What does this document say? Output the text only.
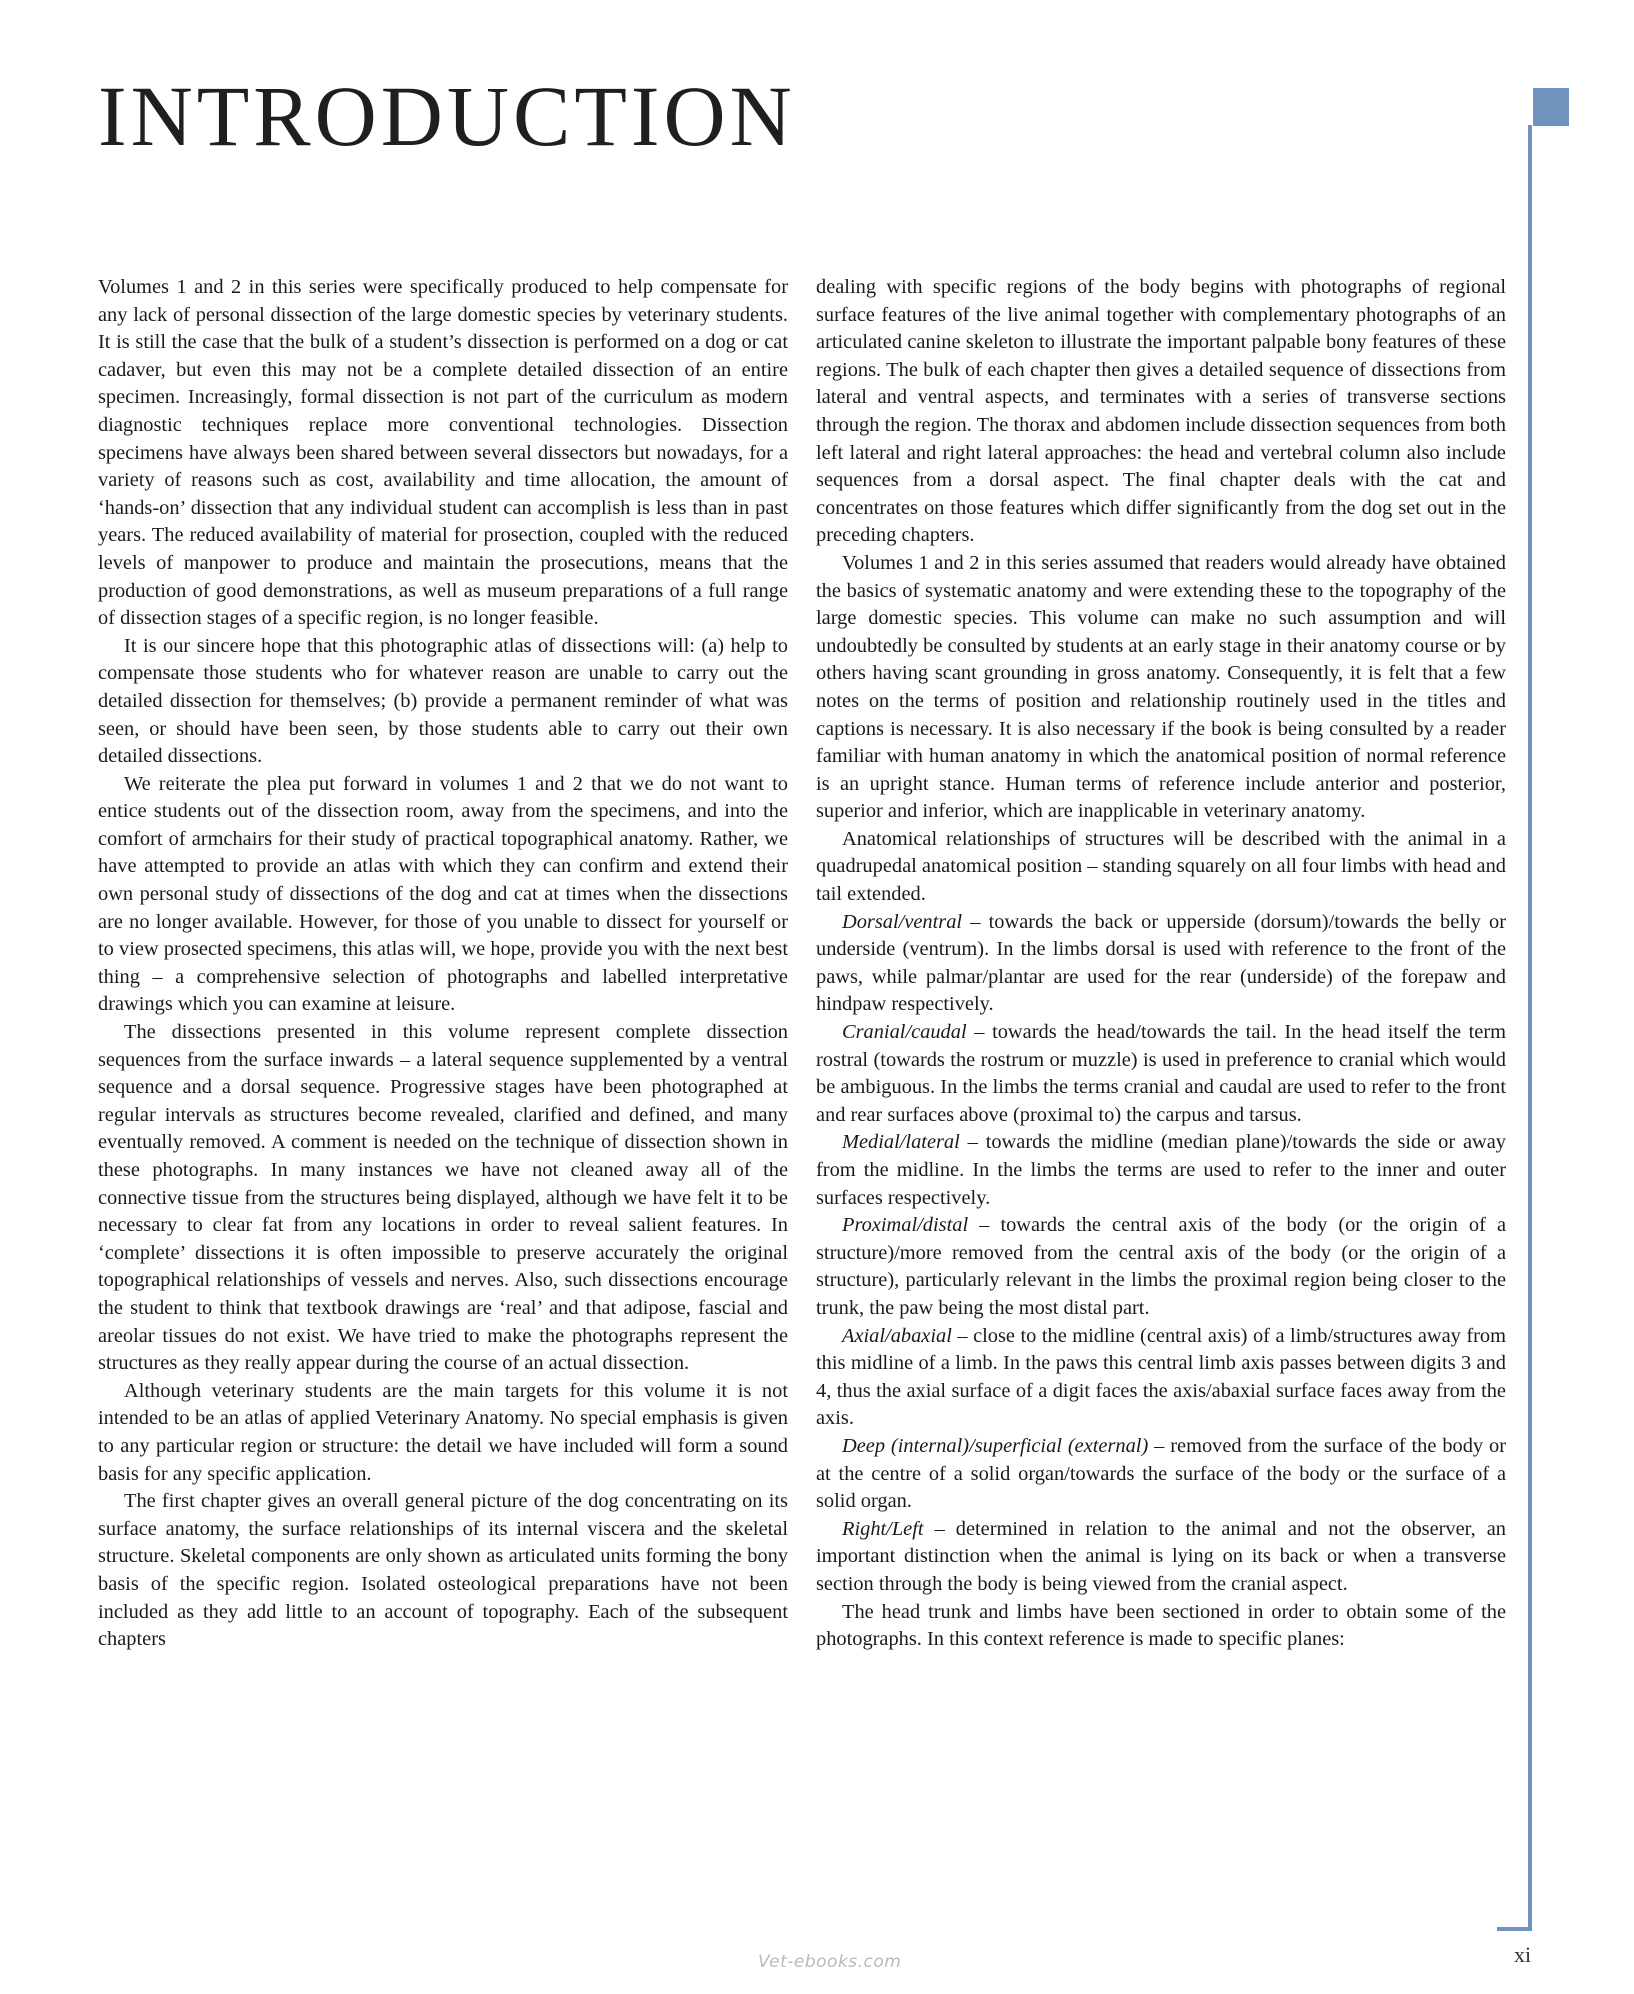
INTRODUCTION

Volumes 1 and 2 in this series were specifically produced to help compensate for any lack of personal dissection of the large domestic species by veterinary students. It is still the case that the bulk of a student’s dissection is performed on a dog or cat cadaver, but even this may not be a complete detailed dissection of an entire specimen. Increasingly, formal dissection is not part of the curriculum as modern diagnostic techniques replace more conventional technologies. Dissection specimens have always been shared between several dissectors but nowadays, for a variety of reasons such as cost, availability and time allocation, the amount of ‘hands-on’ dissection that any individual student can accomplish is less than in past years. The reduced availability of material for prosection, coupled with the reduced levels of manpower to produce and maintain the prosecutions, means that the production of good demonstrations, as well as museum preparations of a full range of dissection stages of a specific region, is no longer feasible.

It is our sincere hope that this photographic atlas of dissections will: (a) help to compensate those students who for whatever reason are unable to carry out the detailed dissection for themselves; (b) provide a permanent reminder of what was seen, or should have been seen, by those students able to carry out their own detailed dissections.

We reiterate the plea put forward in volumes 1 and 2 that we do not want to entice students out of the dissection room, away from the specimens, and into the comfort of armchairs for their study of practical topographical anatomy. Rather, we have attempted to provide an atlas with which they can confirm and extend their own personal study of dissections of the dog and cat at times when the dissections are no longer available. However, for those of you unable to dissect for yourself or to view prosected specimens, this atlas will, we hope, provide you with the next best thing – a comprehensive selection of photographs and labelled interpretative drawings which you can examine at leisure.

The dissections presented in this volume represent complete dissection sequences from the surface inwards – a lateral sequence supplemented by a ventral sequence and a dorsal sequence. Progressive stages have been photographed at regular intervals as structures become revealed, clarified and defined, and many eventually removed. A comment is needed on the technique of dissection shown in these photographs. In many instances we have not cleaned away all of the connective tissue from the structures being displayed, although we have felt it to be necessary to clear fat from any locations in order to reveal salient features. In ‘complete’ dissections it is often impossible to preserve accurately the original topographical relationships of vessels and nerves. Also, such dissections encourage the student to think that textbook drawings are ‘real’ and that adipose, fascial and areolar tissues do not exist. We have tried to make the photographs represent the structures as they really appear during the course of an actual dissection.

Although veterinary students are the main targets for this volume it is not intended to be an atlas of applied Veterinary Anatomy. No special emphasis is given to any particular region or structure: the detail we have included will form a sound basis for any specific application.

The first chapter gives an overall general picture of the dog concentrating on its surface anatomy, the surface relationships of its internal viscera and the skeletal structure. Skeletal components are only shown as articulated units forming the bony basis of the specific region. Isolated osteological preparations have not been included as they add little to an account of topography. Each of the subsequent chapters

dealing with specific regions of the body begins with photographs of regional surface features of the live animal together with complementary photographs of an articulated canine skeleton to illustrate the important palpable bony features of these regions. The bulk of each chapter then gives a detailed sequence of dissections from lateral and ventral aspects, and terminates with a series of transverse sections through the region. The thorax and abdomen include dissection sequences from both left lateral and right lateral approaches: the head and vertebral column also include sequences from a dorsal aspect. The final chapter deals with the cat and concentrates on those features which differ significantly from the dog set out in the preceding chapters.

Volumes 1 and 2 in this series assumed that readers would already have obtained the basics of systematic anatomy and were extending these to the topography of the large domestic species. This volume can make no such assumption and will undoubtedly be consulted by students at an early stage in their anatomy course or by others having scant grounding in gross anatomy. Consequently, it is felt that a few notes on the terms of position and relationship routinely used in the titles and captions is necessary. It is also necessary if the book is being consulted by a reader familiar with human anatomy in which the anatomical position of normal reference is an upright stance. Human terms of reference include anterior and posterior, superior and inferior, which are inapplicable in veterinary anatomy.

Anatomical relationships of structures will be described with the animal in a quadrupedal anatomical position – standing squarely on all four limbs with head and tail extended.

Dorsal/ventral – towards the back or upperside (dorsum)/towards the belly or underside (ventrum). In the limbs dorsal is used with reference to the front of the paws, while palmar/plantar are used for the rear (underside) of the forepaw and hindpaw respectively.

Cranial/caudal – towards the head/towards the tail. In the head itself the term rostral (towards the rostrum or muzzle) is used in preference to cranial which would be ambiguous. In the limbs the terms cranial and caudal are used to refer to the front and rear surfaces above (proximal to) the carpus and tarsus.

Medial/lateral – towards the midline (median plane)/towards the side or away from the midline. In the limbs the terms are used to refer to the inner and outer surfaces respectively.

Proximal/distal – towards the central axis of the body (or the origin of a structure)/more removed from the central axis of the body (or the origin of a structure), particularly relevant in the limbs the proximal region being closer to the trunk, the paw being the most distal part.

Axial/abaxial – close to the midline (central axis) of a limb/structures away from this midline of a limb. In the paws this central limb axis passes between digits 3 and 4, thus the axial surface of a digit faces the axis/abaxial surface faces away from the axis.

Deep (internal)/superficial (external) – removed from the surface of the body or at the centre of a solid organ/towards the surface of the body or the surface of a solid organ.

Right/Left – determined in relation to the animal and not the observer, an important distinction when the animal is lying on its back or when a transverse section through the body is being viewed from the cranial aspect.

The head trunk and limbs have been sectioned in order to obtain some of the photographs. In this context reference is made to specific planes:

xi
Vet-ebooks.com
